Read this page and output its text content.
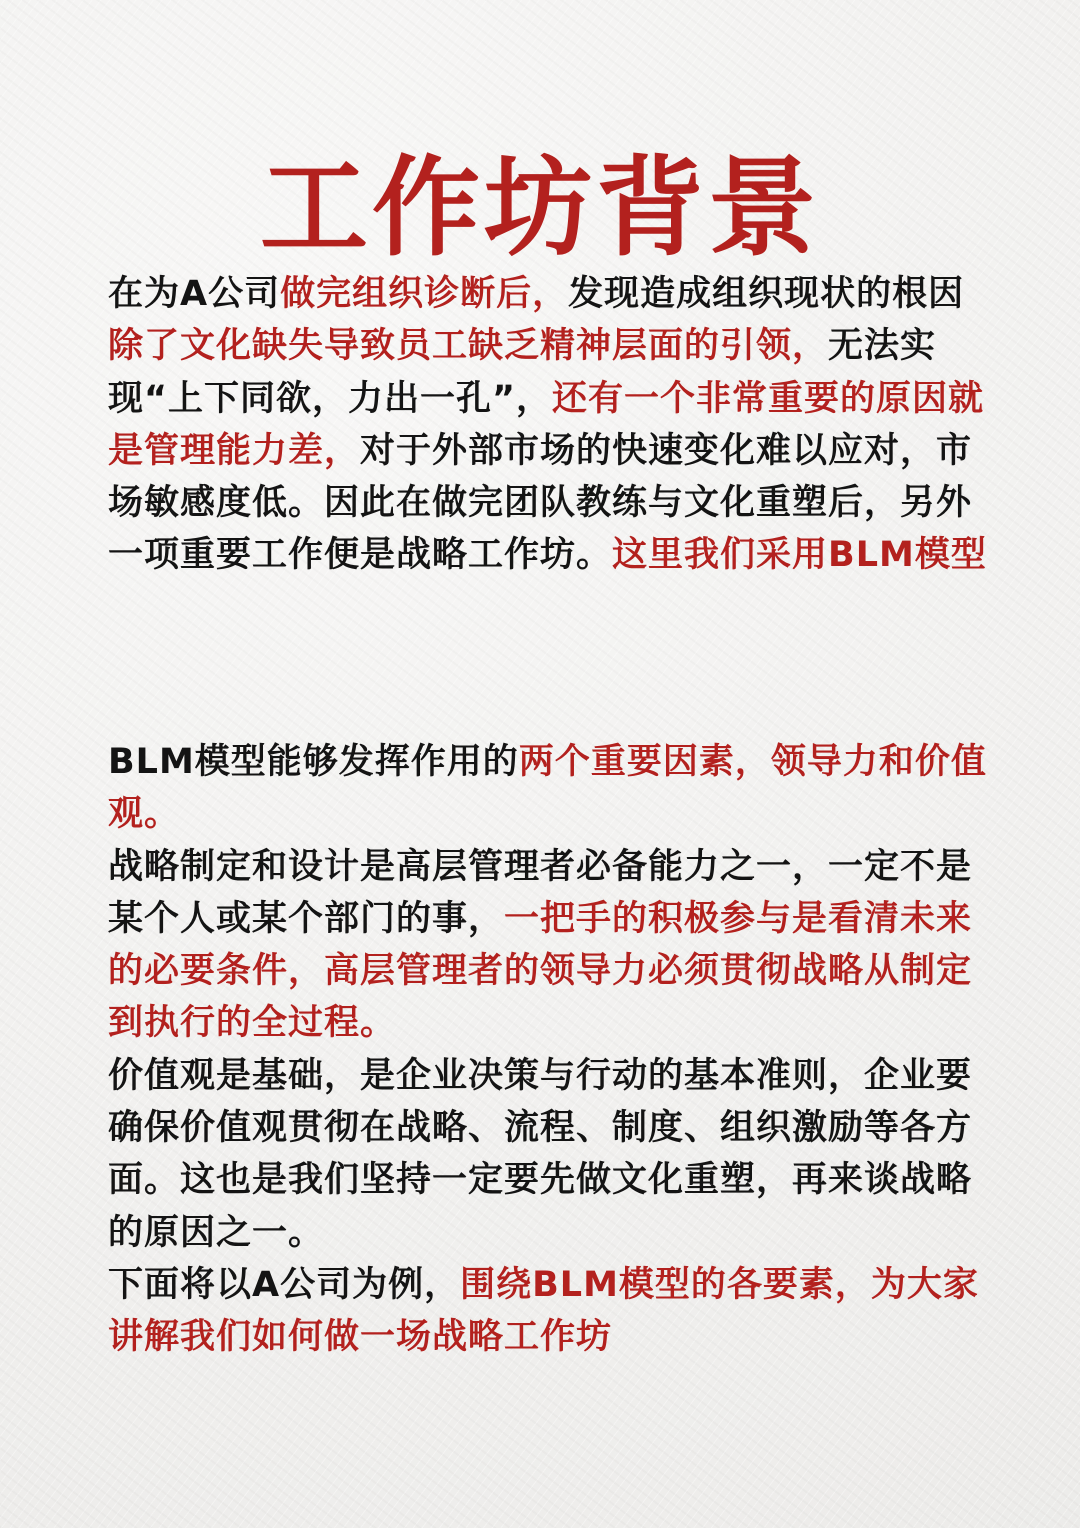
工作坊背景

在为A公司做完组织诊断后，发现造成组织现状的根因除了文化缺失导致员工缺乏精神层面的引领，无法实现“上下同欲，力出一孔”，还有一个非常重要的原因就是管理能力差，对于外部市场的快速变化难以应对，市场敏感度低。因此在做完团队教练与文化重塑后，另外一项重要工作便是战略工作坊。这里我们采用BLM模型

BLM模型能够发挥作用的两个重要因素，领导力和价值观。

战略制定和设计是高层管理者必备能力之一，一定不是某个人或某个部门的事，一把手的积极参与是看清未来的必要条件，高层管理者的领导力必须贯彻战略从制定到执行的全过程。

价值观是基础，是企业决策与行动的基本准则，企业要确保价值观贯彻在战略、流程、制度、组织激励等各方面。这也是我们坚持一定要先做文化重塑，再来谈战略的原因之一。

下面将以A公司为例，围绕BLM模型的各要素，为大家讲解我们如何做一场战略工作坊
